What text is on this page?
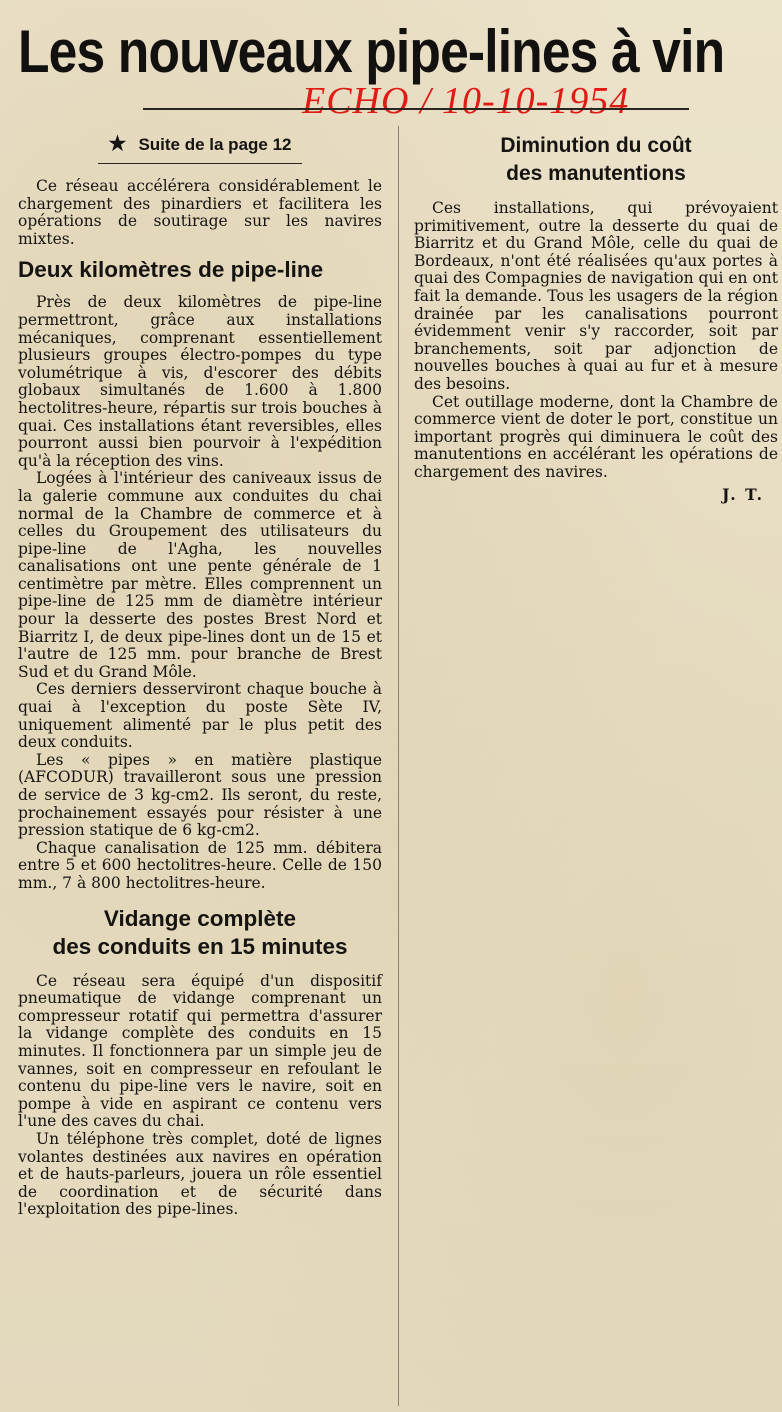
Les nouveaux pipe-lines à vin
ECHO / 10-10-1954
★ Suite de la page 12

Ce réseau accélérera considérablement le chargement des pinardiers et facilitera les opérations de soutirage sur les navires mixtes.

Deux kilomètres de pipe-line

Près de deux kilomètres de pipe-line permettront, grâce aux installations mécaniques, comprenant essentiellement plusieurs groupes électro-pompes du type volumétrique à vis, d'escorer des débits globaux simultanés de 1.600 à 1.800 hectolitres-heure, répartis sur trois bouches à quai. Ces installations étant reversibles, elles pourront aussi bien pourvoir à l'expédition qu'à la réception des vins.

Logées à l'intérieur des caniveaux issus de la galerie commune aux conduites du chai normal de la Chambre de commerce et à celles du Groupement des utilisateurs du pipe-line de l'Agha, les nouvelles canalisations ont une pente générale de 1 centimètre par mètre. Elles comprennent un pipe-line de 125 mm de diamètre intérieur pour la desserte des postes Brest Nord et Biarritz I, de deux pipe-lines dont un de 15 et l'autre de 125 mm. pour branche de Brest Sud et du Grand Môle.

Ces derniers desserviront chaque bouche à quai à l'exception du poste Sète IV, uniquement alimenté par le plus petit des deux conduits.

Les « pipes » en matière plastique (AFCODUR) travailleront sous une pression de service de 3 kg-cm2. Ils seront, du reste, prochainement essayés pour résister à une pression statique de 6 kg-cm2.

Chaque canalisation de 125 mm. débitera entre 5 et 600 hectolitres-heure. Celle de 150 mm., 7 à 800 hectolitres-heure.

Vidange complète
des conduits en 15 minutes

Ce réseau sera équipé d'un dispositif pneumatique de vidange comprenant un compresseur rotatif qui permettra d'assurer la vidange complète des conduits en 15 minutes. Il fonctionnera par un simple jeu de vannes, soit en compresseur en refoulant le contenu du pipe-line vers le navire, soit en pompe à vide en aspirant ce contenu vers l'une des caves du chai.

Un téléphone très complet, doté de lignes volantes destinées aux navires en opération et de hauts-parleurs, jouera un rôle essentiel de coordination et de sécurité dans l'exploitation des pipe-lines.

Diminution du coût
des manutentions

Ces installations, qui prévoyaient primitivement, outre la desserte du quai de Biarritz et du Grand Môle, celle du quai de Bordeaux, n'ont été réalisées qu'aux portes à quai des Compagnies de navigation qui en ont fait la demande. Tous les usagers de la région drainée par les canalisations pourront évidemment venir s'y raccorder, soit par branchements, soit par adjonction de nouvelles bouches à quai au fur et à mesure des besoins.

Cet outillage moderne, dont la Chambre de commerce vient de doter le port, constitue un important progrès qui diminuera le coût des manutentions en accélérant les opérations de chargement des navires.

J. T.
